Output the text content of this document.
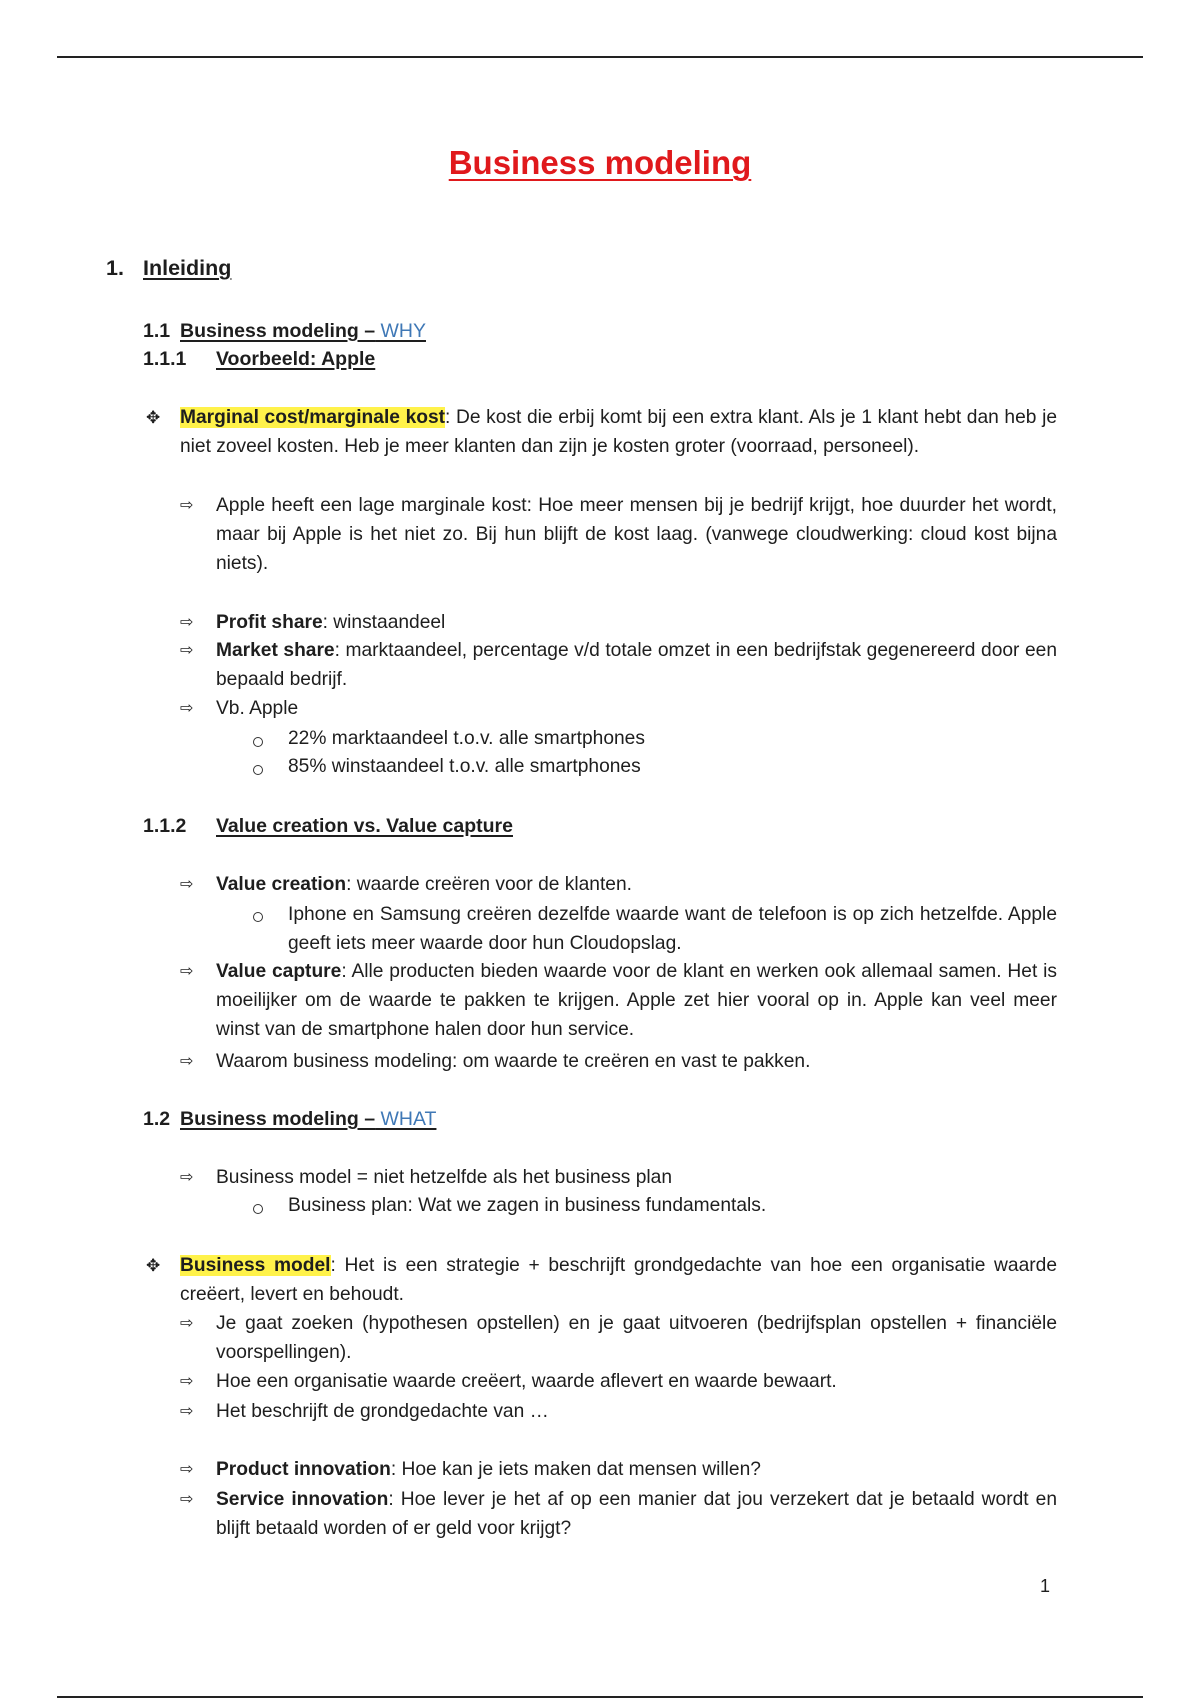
Business modeling
1. Inleiding
1.1 Business modeling – WHY
1.1.1 Voorbeeld: Apple
✥ Marginal cost/marginale kost: De kost die erbij komt bij een extra klant. Als je 1 klant hebt dan heb je niet zoveel kosten. Heb je meer klanten dan zijn je kosten groter (voorraad, personeel).
⇨ Apple heeft een lage marginale kost: Hoe meer mensen bij je bedrijf krijgt, hoe duurder het wordt, maar bij Apple is het niet zo. Bij hun blijft de kost laag. (vanwege cloudwerking: cloud kost bijna niets).
⇨ Profit share: winstaandeel
⇨ Market share: marktaandeel, percentage v/d totale omzet in een bedrijfstak gegenereerd door een bepaald bedrijf.
⇨ Vb. Apple
22% marktaandeel t.o.v. alle smartphones
85% winstaandeel t.o.v. alle smartphones
1.1.2 Value creation vs. Value capture
⇨ Value creation: waarde creëren voor de klanten.
Iphone en Samsung creëren dezelfde waarde want de telefoon is op zich hetzelfde. Apple geeft iets meer waarde door hun Cloudopslag.
⇨ Value capture: Alle producten bieden waarde voor de klant en werken ook allemaal samen. Het is moeilijker om de waarde te pakken te krijgen. Apple zet hier vooral op in. Apple kan veel meer winst van de smartphone halen door hun service.
⇨ Waarom business modeling: om waarde te creëren en vast te pakken.
1.2 Business modeling – WHAT
⇨ Business model = niet hetzelfde als het business plan
Business plan: Wat we zagen in business fundamentals.
✥ Business model: Het is een strategie + beschrijft grondgedachte van hoe een organisatie waarde creëert, levert en behoudt.
⇨ Je gaat zoeken (hypothesen opstellen) en je gaat uitvoeren (bedrijfsplan opstellen + financiële voorspellingen).
⇨ Hoe een organisatie waarde creëert, waarde aflevert en waarde bewaart.
⇨ Het beschrijft de grondgedachte van …
⇨ Product innovation: Hoe kan je iets maken dat mensen willen?
⇨ Service innovation: Hoe lever je het af op een manier dat jou verzekert dat je betaald wordt en blijft betaald worden of er geld voor krijgt?
1
